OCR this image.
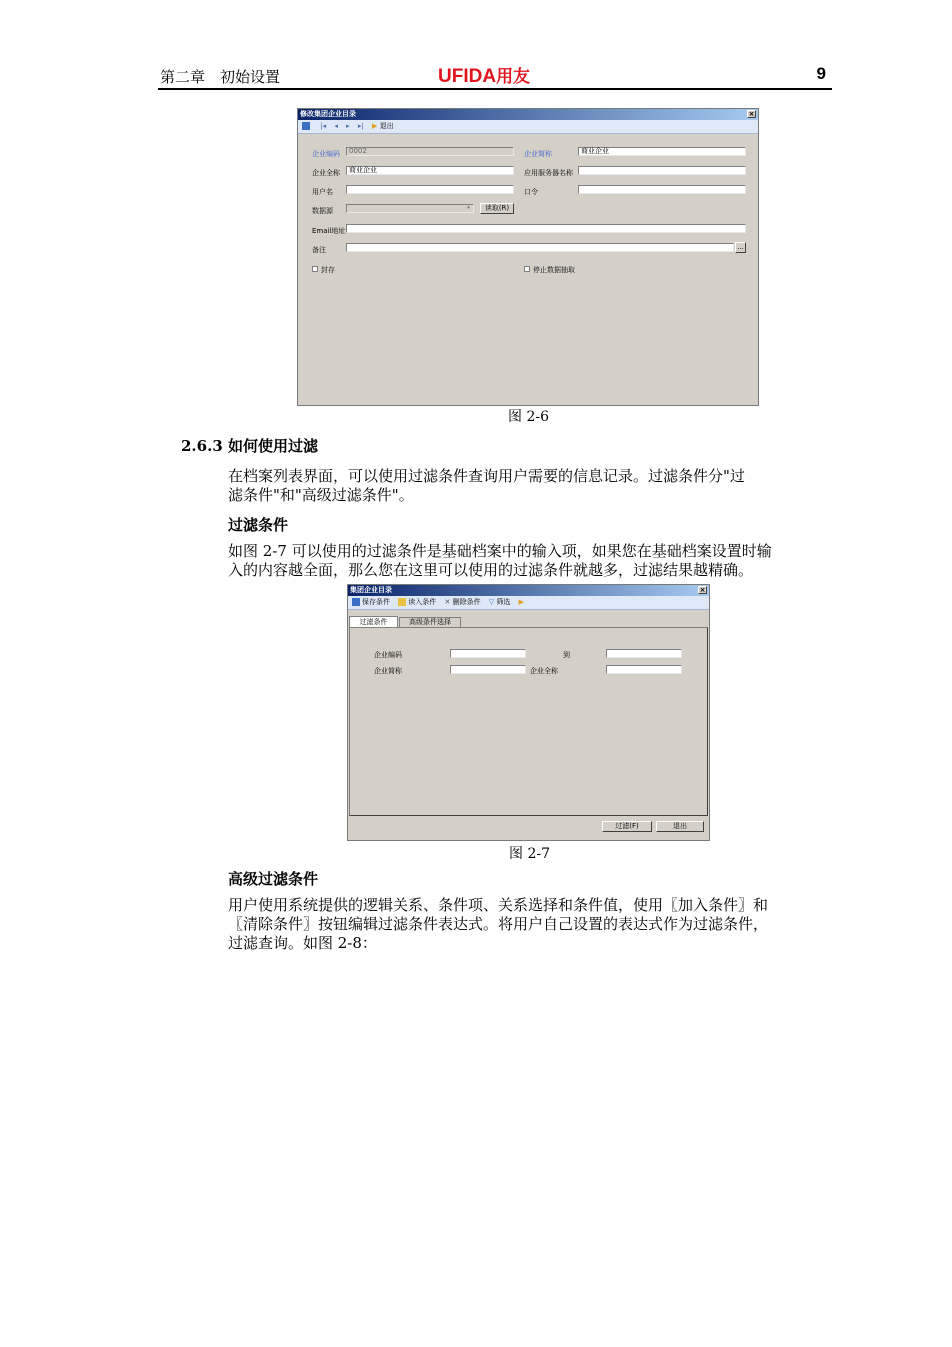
第二章　初始设置	UFIDA用友	9
修改集团企业目录	×
|◂ ◂ ▸ ▸| ▶ 退出
企业编码	0002	企业简称	商业企业
企业全称	商业企业	应用服务器名称
用户名	口令
数据源	▾	读取(R)
Email地址
备注	...
封存	停止数据抽取
图 2-6
2.6.3 如何使用过滤
在档案列表界面，可以使用过滤条件查询用户需要的信息记录。过滤条件分"过
滤条件"和"高级过滤条件"。
过滤条件
如图 2-7 可以使用的过滤条件是基础档案中的输入项，如果您在基础档案设置时输
入的内容越全面，那么您在这里可以使用的过滤条件就越多，过滤结果越精确。
集团企业目录	×
保存条件	读入条件 ✕ 删除条件 ▽ 筛选 ▶
过滤条件	高级条件选择
企业编码	到
企业简称	企业全称
过滤(F)	退出
图 2-7
高级过滤条件
用户使用系统提供的逻辑关系、条件项、关系选择和条件值，使用〖加入条件〗和
〖清除条件〗按钮编辑过滤条件表达式。将用户自己设置的表达式作为过滤条件，
过滤查询。如图 2-8：
